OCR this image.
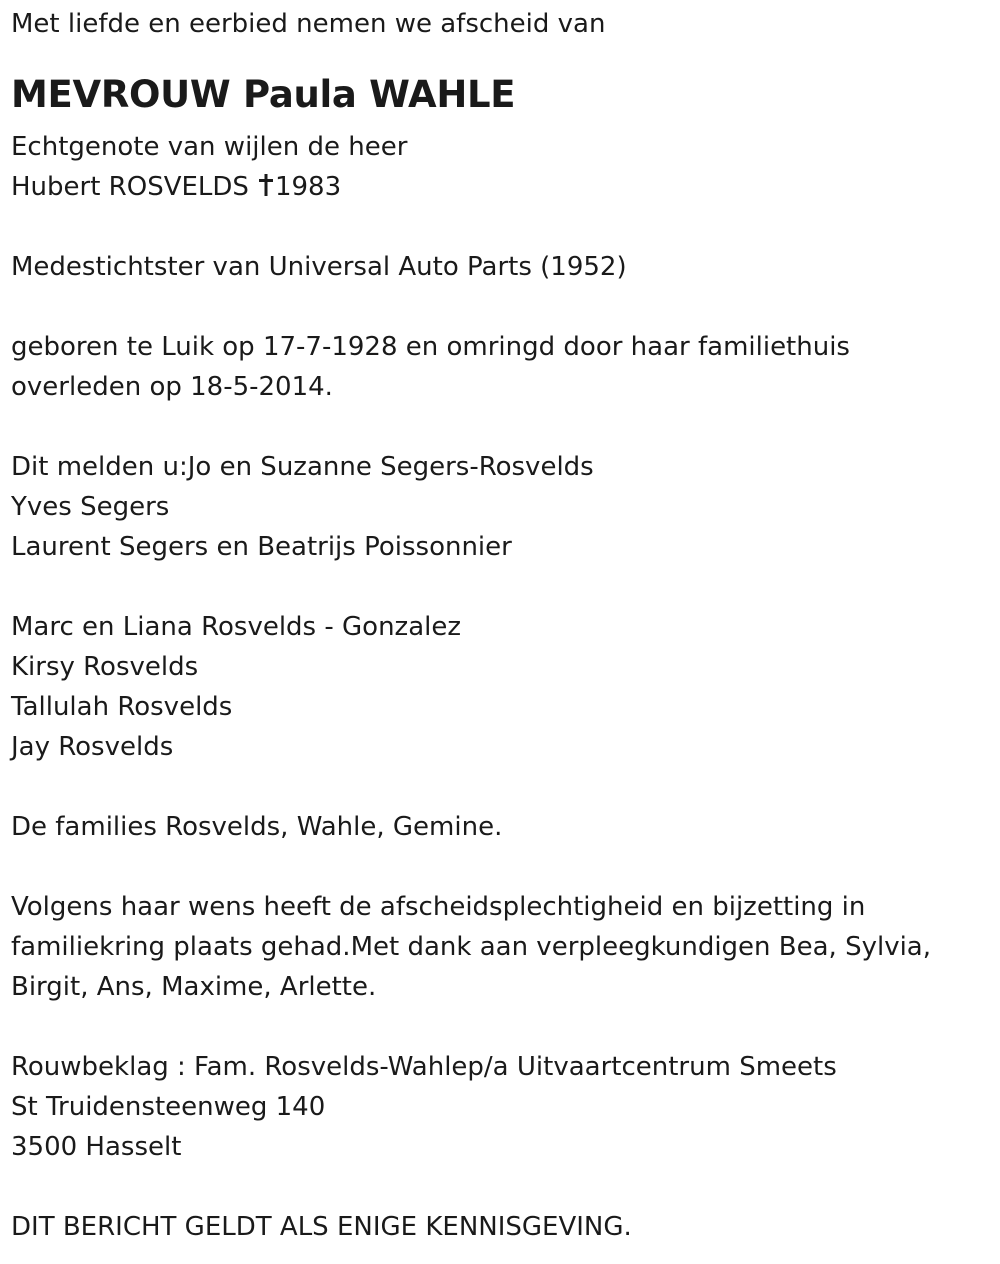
Met liefde en eerbied nemen we afscheid van
MEVROUW Paula WAHLE
Echtgenote van wijlen de heer
Hubert ROSVELDS 1983
Medestichtster van Universal Auto Parts (1952)
geboren te Luik op 17-7-1928 en omringd door haar familiethuis
overleden op 18-5-2014.
Dit melden u:Jo en Suzanne Segers-Rosvelds
Yves Segers
Laurent Segers en Beatrijs Poissonnier
Marc en Liana Rosvelds - Gonzalez
Kirsy Rosvelds
Tallulah Rosvelds
Jay Rosvelds
De families Rosvelds, Wahle, Gemine.
Volgens haar wens heeft de afscheidsplechtigheid en bijzetting in
familiekring plaats gehad.Met dank aan verpleegkundigen Bea, Sylvia,
Birgit, Ans, Maxime, Arlette.
Rouwbeklag : Fam. Rosvelds-Wahlep/a Uitvaartcentrum Smeets
St Truidensteenweg 140
3500 Hasselt
DIT BERICHT GELDT ALS ENIGE KENNISGEVING.
